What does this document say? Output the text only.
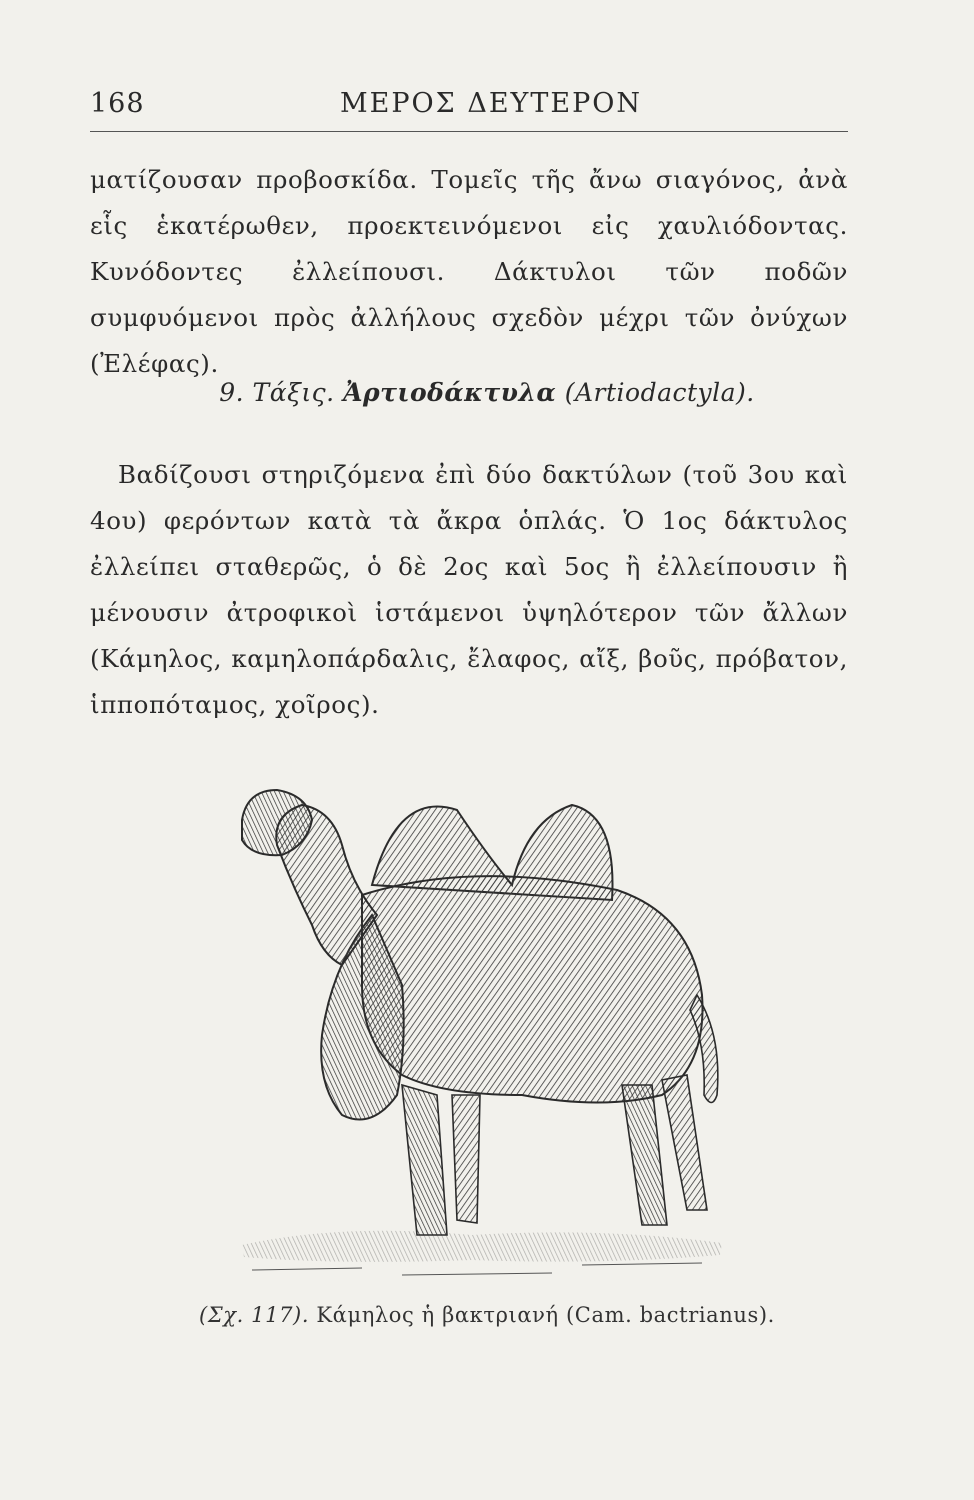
168	ΜΕΡΟΣ ΔΕΥΤΕΡΟΝ

ματίζουσαν προβοσκίδα. Τομεῖς τῆς ἄνω σιαγόνος, ἀνὰ εἷς ἑκατέρωθεν, προεκτεινόμενοι εἰς χαυλιόδοντας. Κυνόδοντες ἐλλείπουσι. Δάκτυλοι τῶν ποδῶν συμφυόμενοι πρὸς ἀλλήλους σχεδὸν μέχρι τῶν ὀνύχων (Ἐλέφας).

9. Τάξις. Ἀρτιοδάκτυλα (Artiodactyla).

Βαδίζουσι στηριζόμενα ἐπὶ δύο δακτύλων (τοῦ 3ου καὶ 4ου) φερόντων κατὰ τὰ ἄκρα ὁπλάς. Ὁ 1ος δάκτυλος ἐλλείπει σταθερῶς, ὁ δὲ 2ος καὶ 5ος ἢ ἐλλείπουσιν ἢ μένουσιν ἀτροφικοὶ ἱστάμενοι ὑψηλότερον τῶν ἄλλων (Κάμηλος, καμηλοπάρδαλις, ἔλαφος, αἴξ, βοῦς, πρόβατον, ἱπποπόταμος, χοῖρος).

(Σχ. 117). Κάμηλος ἡ βακτριανή (Cam. bactrianus).
